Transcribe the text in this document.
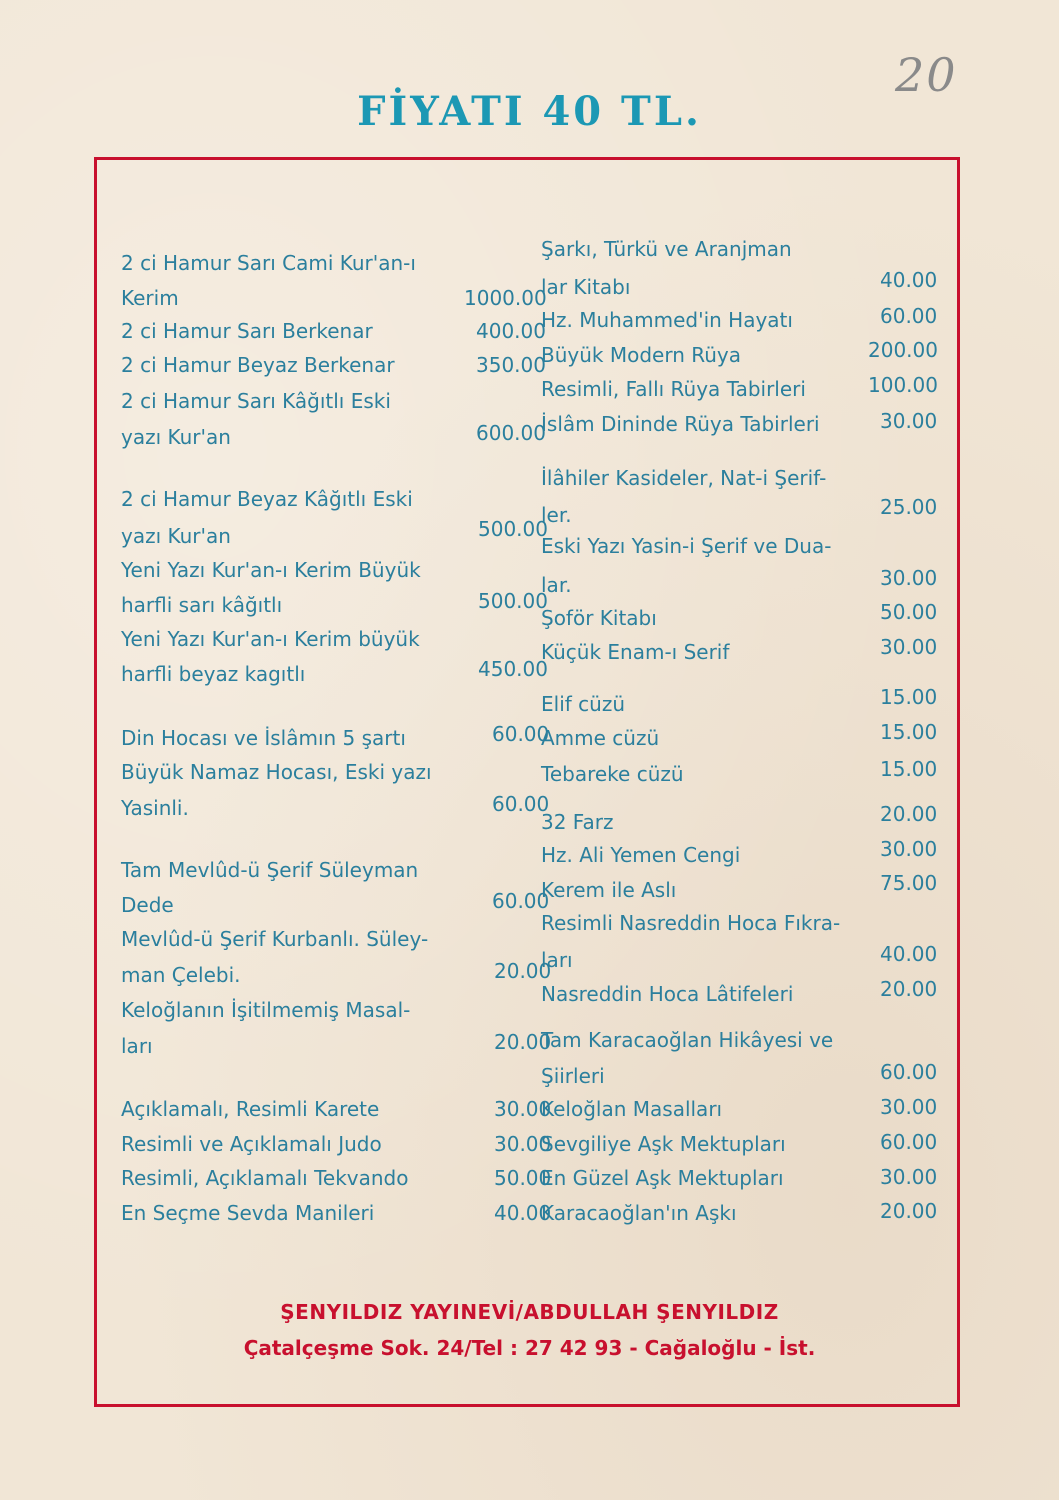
20
FİYATI 40 TL.
2 ci Hamur Sarı Cami Kur'an-ı
Kerim	1000.00
2 ci Hamur Sarı Berkenar	400.00
2 ci Hamur Beyaz Berkenar	350.00
2 ci Hamur Sarı Kâğıtlı Eski
yazı Kur'an	600.00
2 ci Hamur Beyaz Kâğıtlı Eski
yazı Kur'an	500.00
Yeni Yazı Kur'an-ı Kerim Büyük
harfli sarı kâğıtlı	500.00
Yeni Yazı Kur'an-ı Kerim büyük
harfli beyaz kagıtlı	450.00
Din Hocası ve İslâmın 5 şartı	60.00
Büyük Namaz Hocası, Eski yazı
Yasinli.	60.00
Tam Mevlûd-ü Şerif Süleyman
Dede	60.00
Mevlûd-ü Şerif Kurbanlı. Süley-
man Çelebi.	20.00
Keloğlanın İşitilmemiş Masal-
ları	20.00
Açıklamalı, Resimli Karete	30.00
Resimli ve Açıklamalı Judo	30.00
Resimli, Açıklamalı Tekvando	50.00
En Seçme Sevda Manileri	40.00
Şarkı, Türkü ve Aranjman
lar Kitabı	40.00
Hz. Muhammed'in Hayatı	60.00
Büyük Modern Rüya	200.00
Resimli, Fallı Rüya Tabirleri	100.00
İslâm Dininde Rüya Tabirleri	30.00
İlâhiler Kasideler, Nat-i Şerif-
ler.	25.00
Eski Yazı Yasin-i Şerif ve Dua-
lar.	30.00
Şoför Kitabı	50.00
Küçük Enam-ı Serif	30.00
Elif cüzü	15.00
Amme cüzü	15.00
Tebareke cüzü	15.00
32 Farz	20.00
Hz. Ali Yemen Cengi	30.00
Kerem ile Aslı	75.00
Resimli Nasreddin Hoca Fıkra-
ları	40.00
Nasreddin Hoca Lâtifeleri	20.00
Tam Karacaoğlan Hikâyesi ve
Şiirleri	60.00
Keloğlan Masalları	30.00
Sevgiliye Aşk Mektupları	60.00
En Güzel Aşk Mektupları	30.00
Karacaoğlan'ın Aşkı	20.00
ŞENYILDIZ YAYINEVİ/ABDULLAH ŞENYILDIZ
Çatalçeşme Sok. 24/Tel : 27 42 93 - Cağaloğlu - İst.
